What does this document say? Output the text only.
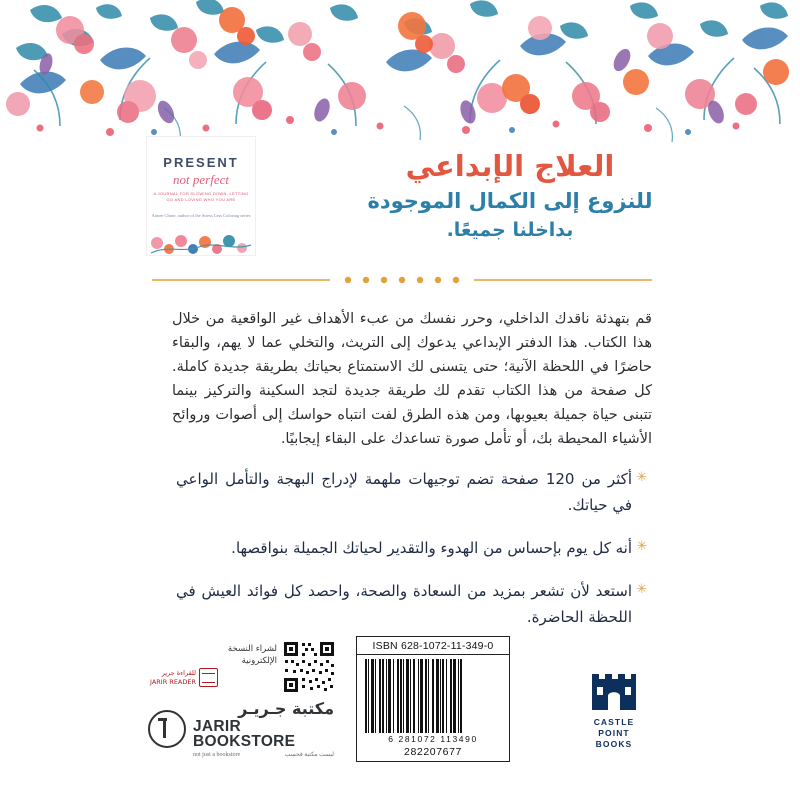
PRESENT
not perfect
A JOURNAL FOR SLOWING DOWN, LETTING GO AND LOVING WHO YOU ARE
Aimee Chase, author of the Stress Less Coloring series
العلاج الإبداعي
للنزوع إلى الكمال الموجودة
بداخلنا جميعًا.

قم بتهدئة ناقدك الداخلي، وحرر نفسك من عبء الأهداف غير الواقعية من خلال هذا الكتاب. هذا الدفتر الإبداعي يدعوك إلى التريث، والتخلي عما لا يهم، والبقاء حاضرًا في اللحظة الآنية؛ حتى يتسنى لك الاستمتاع بحياتك بطريقة جديدة كاملة. كل صفحة من هذا الكتاب تقدم لك طريقة جديدة لتجد السكينة والتركيز بينما تتبنى حياة جميلة بعيوبها، ومن هذه الطرق لفت انتباه حواسك إلى أصوات وروائح الأشياء المحيطة بك، أو تأمل صورة تساعدك على البقاء إيجابيًا.

✳
أكثر من 120 صفحة تضم توجيهات ملهمة لإدراج البهجة والتأمل الواعي في حياتك.
✳
أنه كل يوم بإحساس من الهدوء والتقدير لحياتك الجميلة بنواقصها.
✳
استعد لأن تشعر بمزيد من السعادة والصحة، واحصد كل فوائد العيش في اللحظة الحاضرة.
لشراء النسخة الإلكترونية
للقراءة جرير
JARIR READER
مكتبة جـريـر
JARIR BOOKSTORE
ليست مكتبة فحسب
not just a bookstore
ISBN 628-1072-11-349-0
6 281072 113490
282207677
CASTLE
POINT
BOOKS
